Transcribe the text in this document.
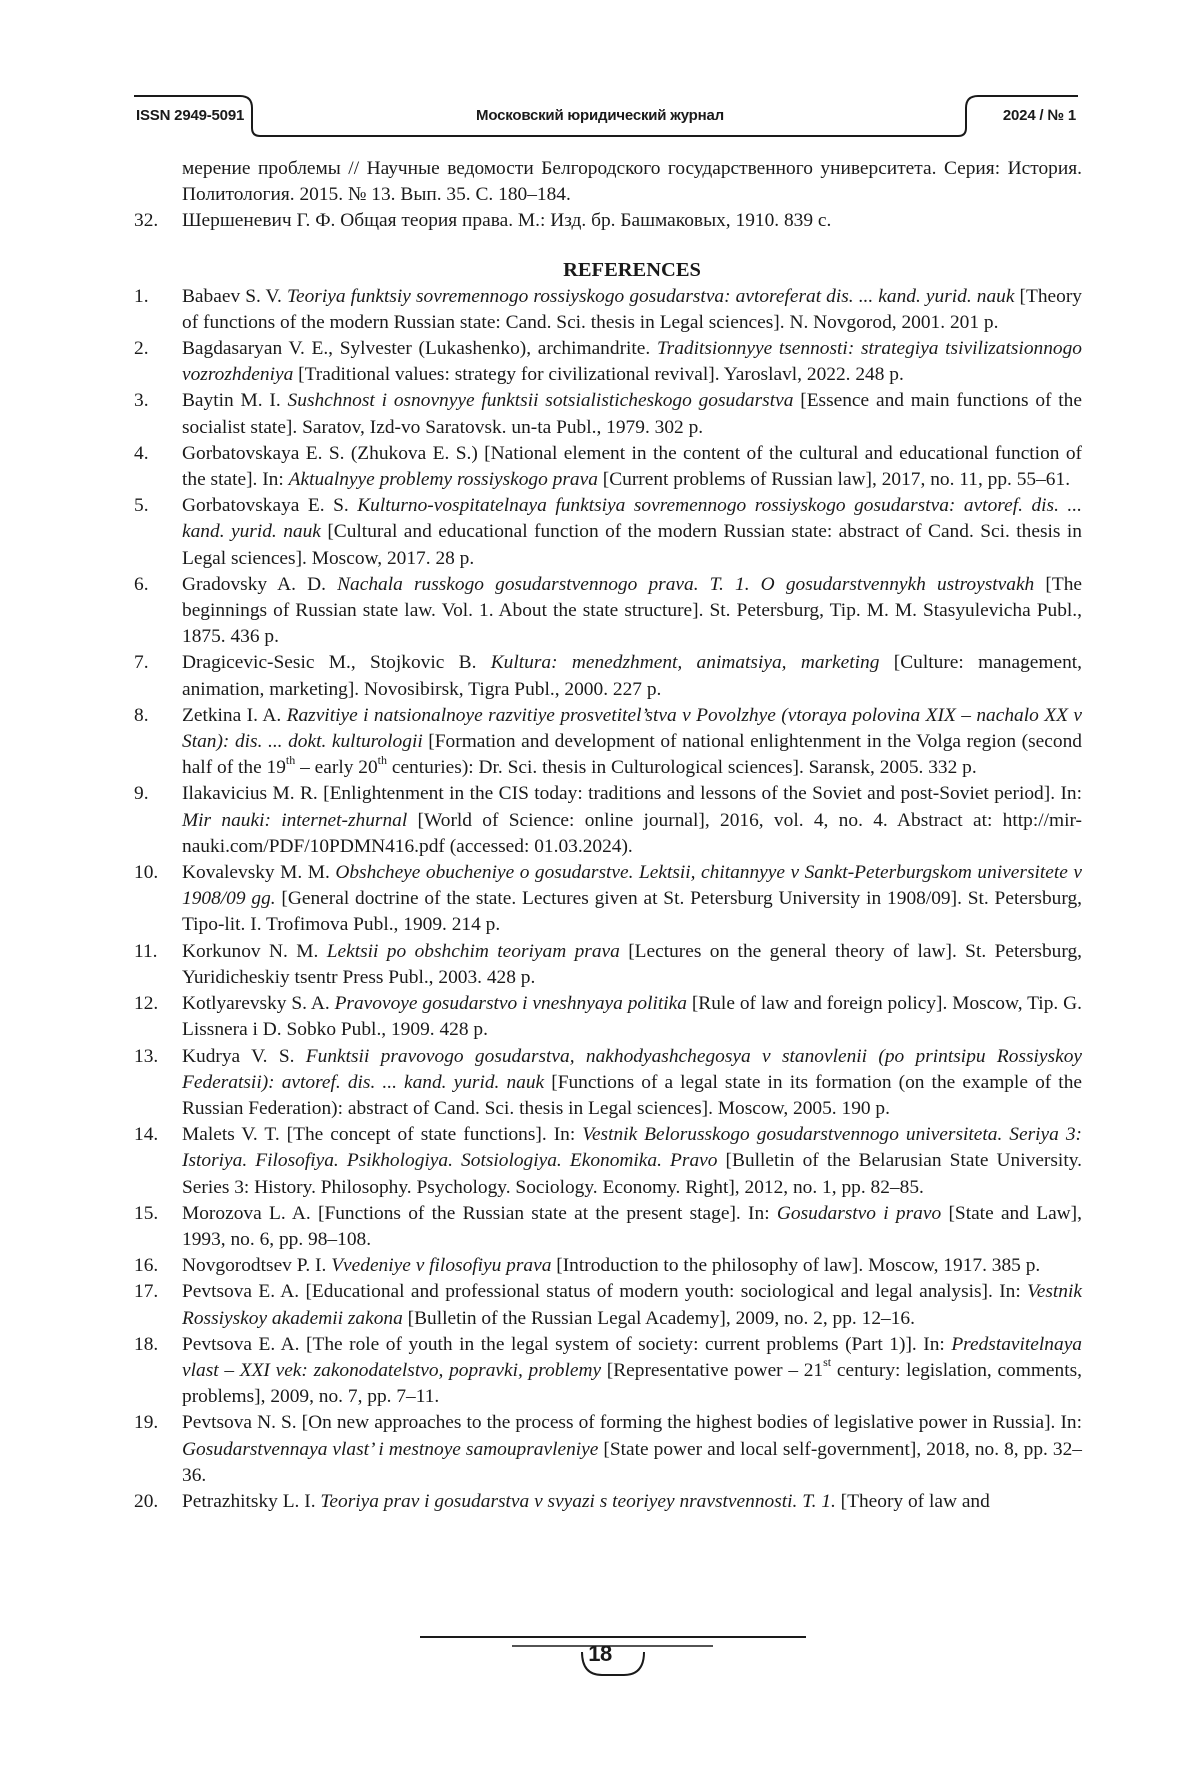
ISSN 2949-5091	Московский юридический журнал	2024 / № 1
мерение проблемы // Научные ведомости Белгородского государственного университета. Серия: История. Политология. 2015. № 13. Вып. 35. С. 180–184.
32. Шершеневич Г. Ф. Общая теория права. М.: Изд. бр. Башмаковых, 1910. 839 с.
REFERENCES
1. Babaev S. V. Teoriya funktsiy sovremennogo rossiyskogo gosudarstva: avtoreferat dis. ... kand. yurid. nauk [Theory of functions of the modern Russian state: Cand. Sci. thesis in Legal sciences]. N. Novgorod, 2001. 201 p.
2. Bagdasaryan V. E., Sylvester (Lukashenko), archimandrite. Traditsionnyye tsennosti: strategiya tsivilizatsionnogo vozrozhdeniya [Traditional values: strategy for civilizational revival]. Yaroslavl, 2022. 248 p.
3. Baytin M. I. Sushchnost i osnovnyye funktsii sotsialisticheskogo gosudarstva [Essence and main functions of the socialist state]. Saratov, Izd-vo Saratovsk. un-ta Publ., 1979. 302 p.
4. Gorbatovskaya E. S. (Zhukova E. S.) [National element in the content of the cultural and educational function of the state]. In: Aktualnyye problemy rossiyskogo prava [Current problems of Russian law], 2017, no. 11, pp. 55–61.
5. Gorbatovskaya E. S. Kulturno-vospitatelnaya funktsiya sovremennogo rossiyskogo gosudarstva: avtoref. dis. ... kand. yurid. nauk [Cultural and educational function of the modern Russian state: abstract of Cand. Sci. thesis in Legal sciences]. Moscow, 2017. 28 p.
6. Gradovsky A. D. Nachala russkogo gosudarstvennogo prava. T. 1. O gosudarstvennykh ustroystvakh [The beginnings of Russian state law. Vol. 1. About the state structure]. St. Petersburg, Tip. M. M. Stasyulevicha Publ., 1875. 436 p.
7. Dragicevic-Sesic M., Stojkovic B. Kultura: menedzhment, animatsiya, marketing [Culture: management, animation, marketing]. Novosibirsk, Tigra Publ., 2000. 227 p.
8. Zetkina I. A. Razvitiye i natsionalnoye razvitiye prosvetitel’stva v Povolzhye (vtoraya polovina XIX – nachalo XX v Stan): dis. ... dokt. kulturologii [Formation and development of national enlightenment in the Volga region (second half of the 19th – early 20th centuries): Dr. Sci. thesis in Culturological sciences]. Saransk, 2005. 332 p.
9. Ilakavicius M. R. [Enlightenment in the CIS today: traditions and lessons of the Soviet and post-Soviet period]. In: Mir nauki: internet-zhurnal [World of Science: online journal], 2016, vol. 4, no. 4. Abstract at: http://mir-nauki.com/PDF/10PDMN416.pdf (accessed: 01.03.2024).
10. Kovalevsky M. M. Obshcheye obucheniye o gosudarstve. Lektsii, chitannyye v Sankt-Peterburgskom universitete v 1908/09 gg. [General doctrine of the state. Lectures given at St. Petersburg University in 1908/09]. St. Petersburg, Tipo-lit. I. Trofimova Publ., 1909. 214 p.
11. Korkunov N. M. Lektsii po obshchim teoriyam prava [Lectures on the general theory of law]. St. Petersburg, Yuridicheskiy tsentr Press Publ., 2003. 428 p.
12. Kotlyarevsky S. A. Pravovoye gosudarstvo i vneshnyaya politika [Rule of law and foreign policy]. Moscow, Tip. G. Lissnera i D. Sobko Publ., 1909. 428 p.
13. Kudrya V. S. Funktsii pravovogo gosudarstva, nakhodyashchegosya v stanovlenii (po printsipu Rossiyskoy Federatsii): avtoref. dis. ... kand. yurid. nauk [Functions of a legal state in its formation (on the example of the Russian Federation): abstract of Cand. Sci. thesis in Legal sciences]. Moscow, 2005. 190 p.
14. Malets V. T. [The concept of state functions]. In: Vestnik Belorusskogo gosudarstvennogo universiteta. Seriya 3: Istoriya. Filosofiya. Psikhologiya. Sotsiologiya. Ekonomika. Pravo [Bulletin of the Belarusian State University. Series 3: History. Philosophy. Psychology. Sociology. Economy. Right], 2012, no. 1, pp. 82–85.
15. Morozova L. A. [Functions of the Russian state at the present stage]. In: Gosudarstvo i pravo [State and Law], 1993, no. 6, pp. 98–108.
16. Novgorodtsev P. I. Vvedeniye v filosofiyu prava [Introduction to the philosophy of law]. Moscow, 1917. 385 p.
17. Pevtsova E. A. [Educational and professional status of modern youth: sociological and legal analysis]. In: Vestnik Rossiyskoy akademii zakona [Bulletin of the Russian Legal Academy], 2009, no. 2, pp. 12–16.
18. Pevtsova E. A. [The role of youth in the legal system of society: current problems (Part 1)]. In: Predstavitelnaya vlast – XXI vek: zakonodatelstvo, popravki, problemy [Representative power – 21st century: legislation, comments, problems], 2009, no. 7, pp. 7–11.
19. Pevtsova N. S. [On new approaches to the process of forming the highest bodies of legislative power in Russia]. In: Gosudarstvennaya vlast’ i mestnoye samoupravleniye [State power and local self-government], 2018, no. 8, pp. 32–36.
20. Petrazhitsky L. I. Teoriya prav i gosudarstva v svyazi s teoriyey nravstvennosti. T. 1. [Theory of law and
18
